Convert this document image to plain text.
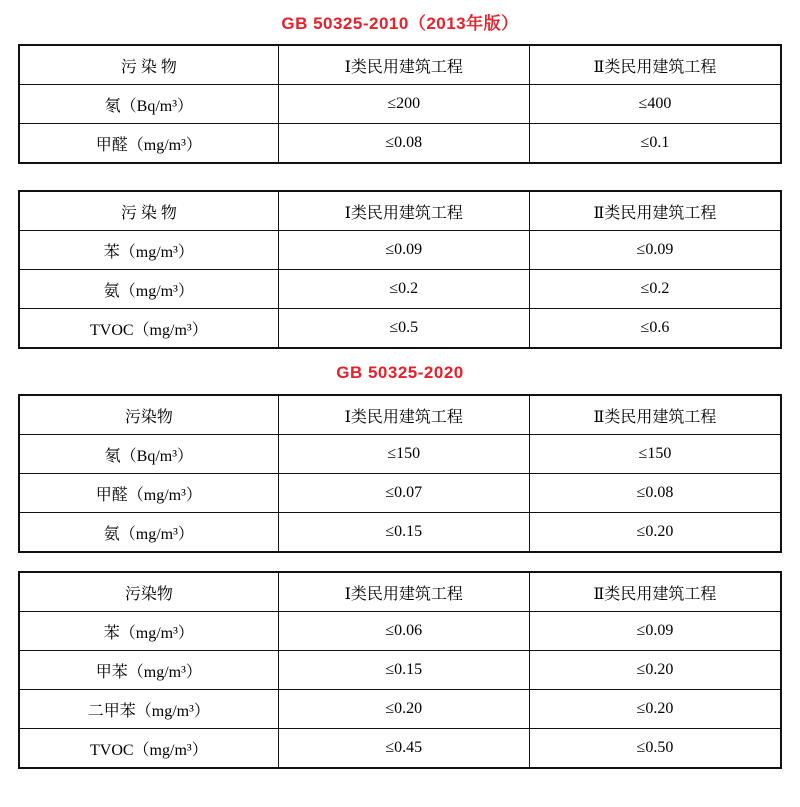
GB 50325-2010（2013年版）
污 染 物	Ⅰ类民用建筑工程	Ⅱ类民用建筑工程
氡（Bq/m³）	≤200	≤400
甲醛（mg/m³）	≤0.08	≤0.1
污 染 物	Ⅰ类民用建筑工程	Ⅱ类民用建筑工程
苯（mg/m³）	≤0.09	≤0.09
氨（mg/m³）	≤0.2	≤0.2
TVOC（mg/m³）	≤0.5	≤0.6
GB 50325-2020
污染物	Ⅰ类民用建筑工程	Ⅱ类民用建筑工程
氡（Bq/m³）	≤150	≤150
甲醛（mg/m³）	≤0.07	≤0.08
氨（mg/m³）	≤0.15	≤0.20
污染物	Ⅰ类民用建筑工程	Ⅱ类民用建筑工程
苯（mg/m³）	≤0.06	≤0.09
甲苯（mg/m³）	≤0.15	≤0.20
二甲苯（mg/m³）	≤0.20	≤0.20
TVOC（mg/m³）	≤0.45	≤0.50
